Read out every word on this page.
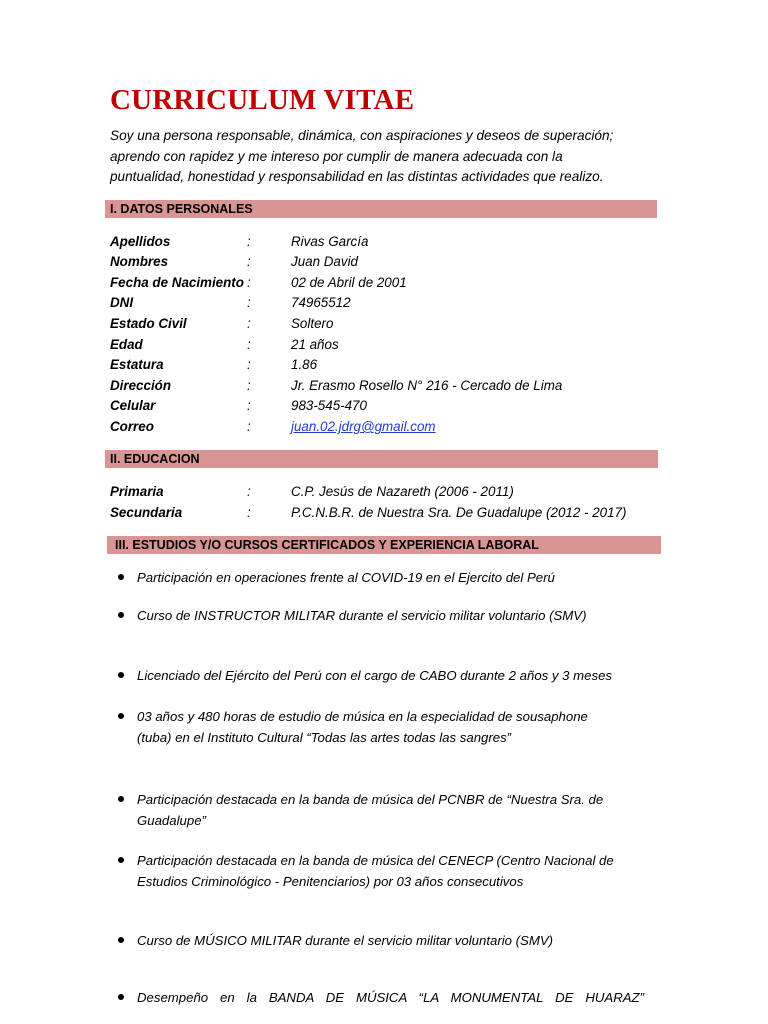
CURRICULUM VITAE
Soy una persona responsable, dinámica, con aspiraciones y deseos de superación; aprendo con rapidez y me intereso por cumplir de manera adecuada con la puntualidad, honestidad y responsabilidad en las distintas actividades que realizo.
I. DATOS PERSONALES
Apellidos	:	Rivas García
Nombres	:	Juan David
Fecha de Nacimiento :	02 de Abril de 2001
DNI	:	74965512
Estado Civil	:	Soltero
Edad	:	21 años
Estatura	:	1.86
Dirección	:	Jr. Erasmo Rosello N° 216 - Cercado de Lima
Celular	:	983-545-470
Correo	:	juan.02.jdrg@gmail.com
II. EDUCACION
Primaria	:	C.P. Jesús de Nazareth (2006 - 2011)
Secundaria	:	P.C.N.B.R. de Nuestra Sra. De Guadalupe (2012 - 2017)
III. ESTUDIOS Y/O CURSOS CERTIFICADOS Y EXPERIENCIA LABORAL
Participación en operaciones frente al COVID-19 en el Ejercito del Perú
Curso de INSTRUCTOR MILITAR durante el servicio militar voluntario (SMV)
Licenciado del Ejército del Perú con el cargo de CABO durante 2 años y 3 meses
03 años y 480 horas de estudio de música en la especialidad de sousaphone (tuba) en el Instituto Cultural “Todas las artes todas las sangres”
Participación destacada en la banda de música del PCNBR de “Nuestra Sra. de Guadalupe”
Participación destacada en la banda de música del CENECP (Centro Nacional de Estudios Criminológico - Penitenciarios) por 03 años consecutivos
Curso de MÚSICO MILITAR durante el servicio militar voluntario (SMV)
Desempeño en la BANDA DE MÚSICA “LA MONUMENTAL DE HUARAZ”
